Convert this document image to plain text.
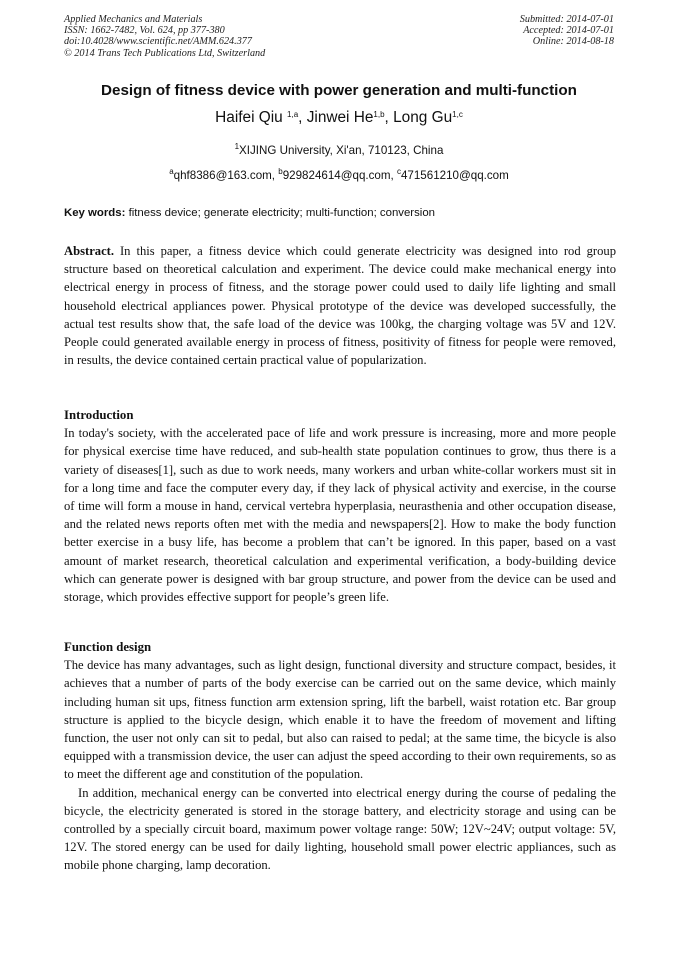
Applied Mechanics and Materials
ISSN: 1662-7482, Vol. 624, pp 377-380
doi:10.4028/www.scientific.net/AMM.624.377
© 2014 Trans Tech Publications Ltd, Switzerland
Submitted: 2014-07-01
Accepted: 2014-07-01
Online: 2014-08-18
Design of fitness device with power generation and multi-function
Haifei Qiu $^{1,a}$, Jinwei He$^{1,b}$, Long Gu$^{1,c}$
$^1$XIJING University, Xi'an, 710123, China
$^a$qhf8386@163.com, $^b$929824614@qq.com, $^c$471561210@qq.com
Key words: fitness device; generate electricity; multi-function; conversion

Abstract. In this paper, a fitness device which could generate electricity was designed into rod group structure based on theoretical calculation and experiment. The device could make mechanical energy into electrical energy in process of fitness, and the storage power could used to daily life lighting and small household electrical appliances power. Physical prototype of the device was developed successfully, the actual test results show that, the safe load of the device was 100kg, the charging voltage was 5V and 12V. People could generated available energy in process of fitness, positivity of fitness for people were removed, in results, the device contained certain practical value of popularization.

Introduction

In today's society, with the accelerated pace of life and work pressure is increasing, more and more people for physical exercise time have reduced, and sub-health state population continues to grow, thus there is a variety of diseases[1], such as due to work needs, many workers and urban white-collar workers must sit in for a long time and face the computer every day, if they lack of physical activity and exercise, in the course of time will form a mouse in hand, cervical vertebra hyperplasia, neurasthenia and other occupation disease, and the related news reports often met with the media and newspapers[2]. How to make the body function better exercise in a busy life, has become a problem that can’t be ignored. In this paper, based on a vast amount of market research, theoretical calculation and experimental verification, a body-building device which can generate power is designed with bar group structure, and power from the device can be used and storage, which provides effective support for people’s green life.

Function design

The device has many advantages, such as light design, functional diversity and structure compact, besides, it achieves that a number of parts of the body exercise can be carried out on the same device, which mainly including human sit ups, fitness function arm extension spring, lift the barbell, waist rotation etc. Bar group structure is applied to the bicycle design, which enable it to have the freedom of movement and lifting function, the user not only can sit to pedal, but also can raised to pedal; at the same time, the bicycle is also equipped with a transmission device, the user can adjust the speed according to their own requirements, so as to meet the different age and constitution of the population.

In addition, mechanical energy can be converted into electrical energy during the course of pedaling the bicycle, the electricity generated is stored in the storage battery, and electricity storage and using can be controlled by a specially circuit board, maximum power voltage range: 50W; 12V~24V; output voltage: 5V, 12V. The stored energy can be used for daily lighting, household small power electric appliances, such as mobile phone charging, lamp decoration.
